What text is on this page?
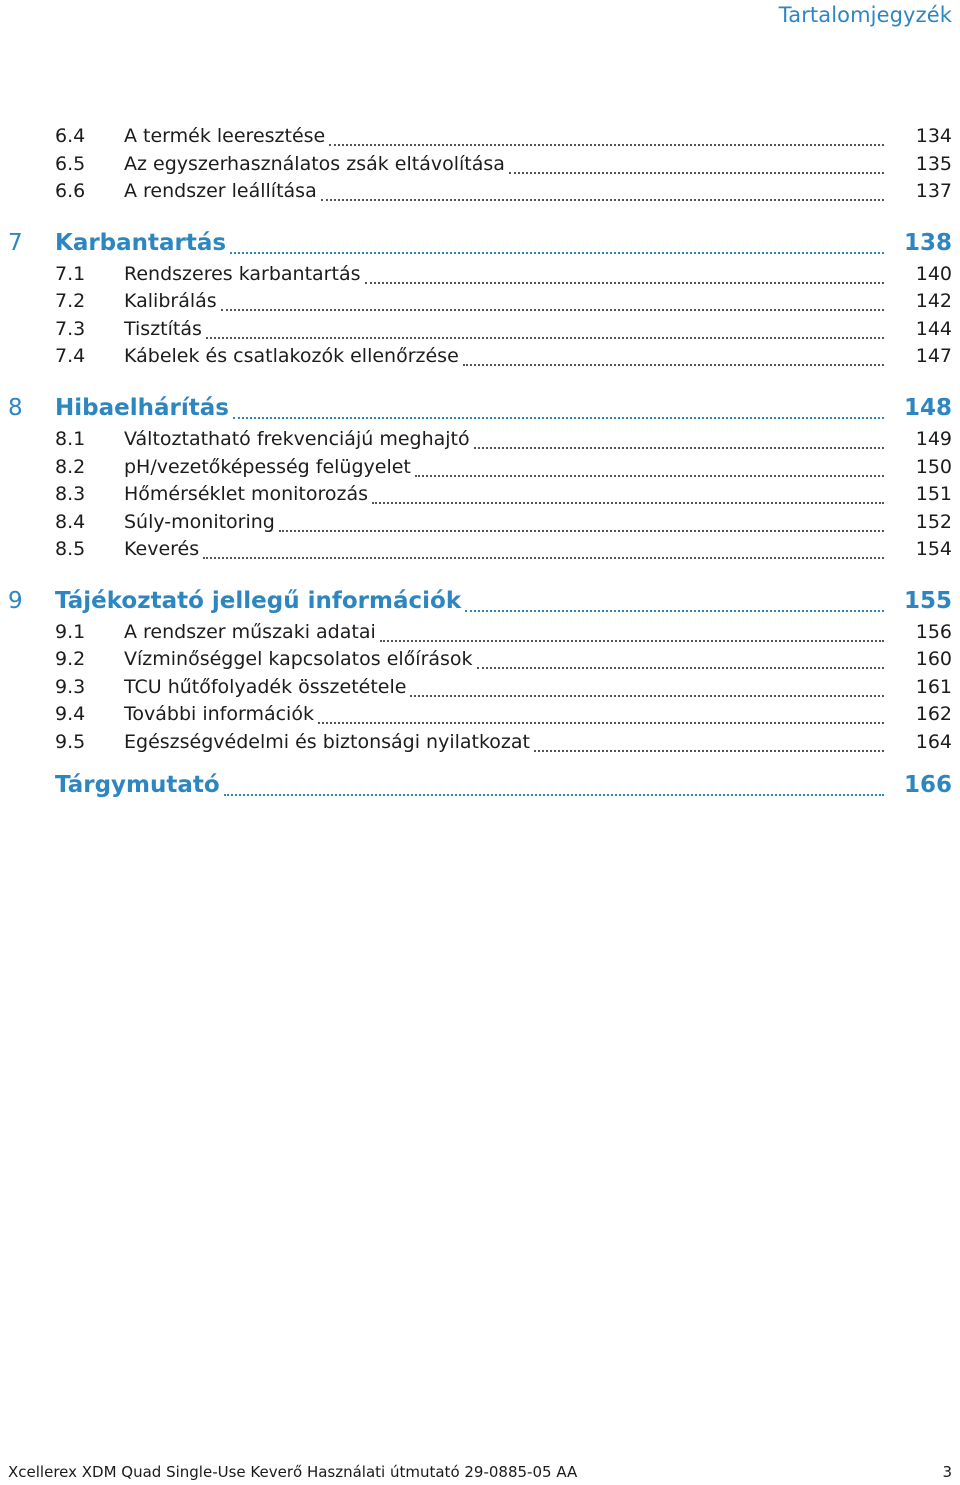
Tartalomjegyzék
6.4 A termék leeresztése	134
6.5 Az egyszerhasználatos zsák eltávolítása	135
6.6 A rendszer leállítása	137
7 Karbantartás	138
7.1 Rendszeres karbantartás	140
7.2 Kalibrálás	142
7.3 Tisztítás	144
7.4 Kábelek és csatlakozók ellenőrzése	147
8 Hibaelhárítás	148
8.1 Változtatható frekvenciájú meghajtó	149
8.2 pH/vezetőképesség felügyelet	150
8.3 Hőmérséklet monitorozás	151
8.4 Súly-monitoring	152
8.5 Keverés	154
9 Tájékoztató jellegű információk	155
9.1 A rendszer műszaki adatai	156
9.2 Vízminőséggel kapcsolatos előírások	160
9.3 TCU hűtőfolyadék összetétele	161
9.4 További információk	162
9.5 Egészségvédelmi és biztonsági nyilatkozat	164
Tárgymutató	166
Xcellerex XDM Quad Single-Use Keverő Használati útmutató 29-0885-05 AA	3
